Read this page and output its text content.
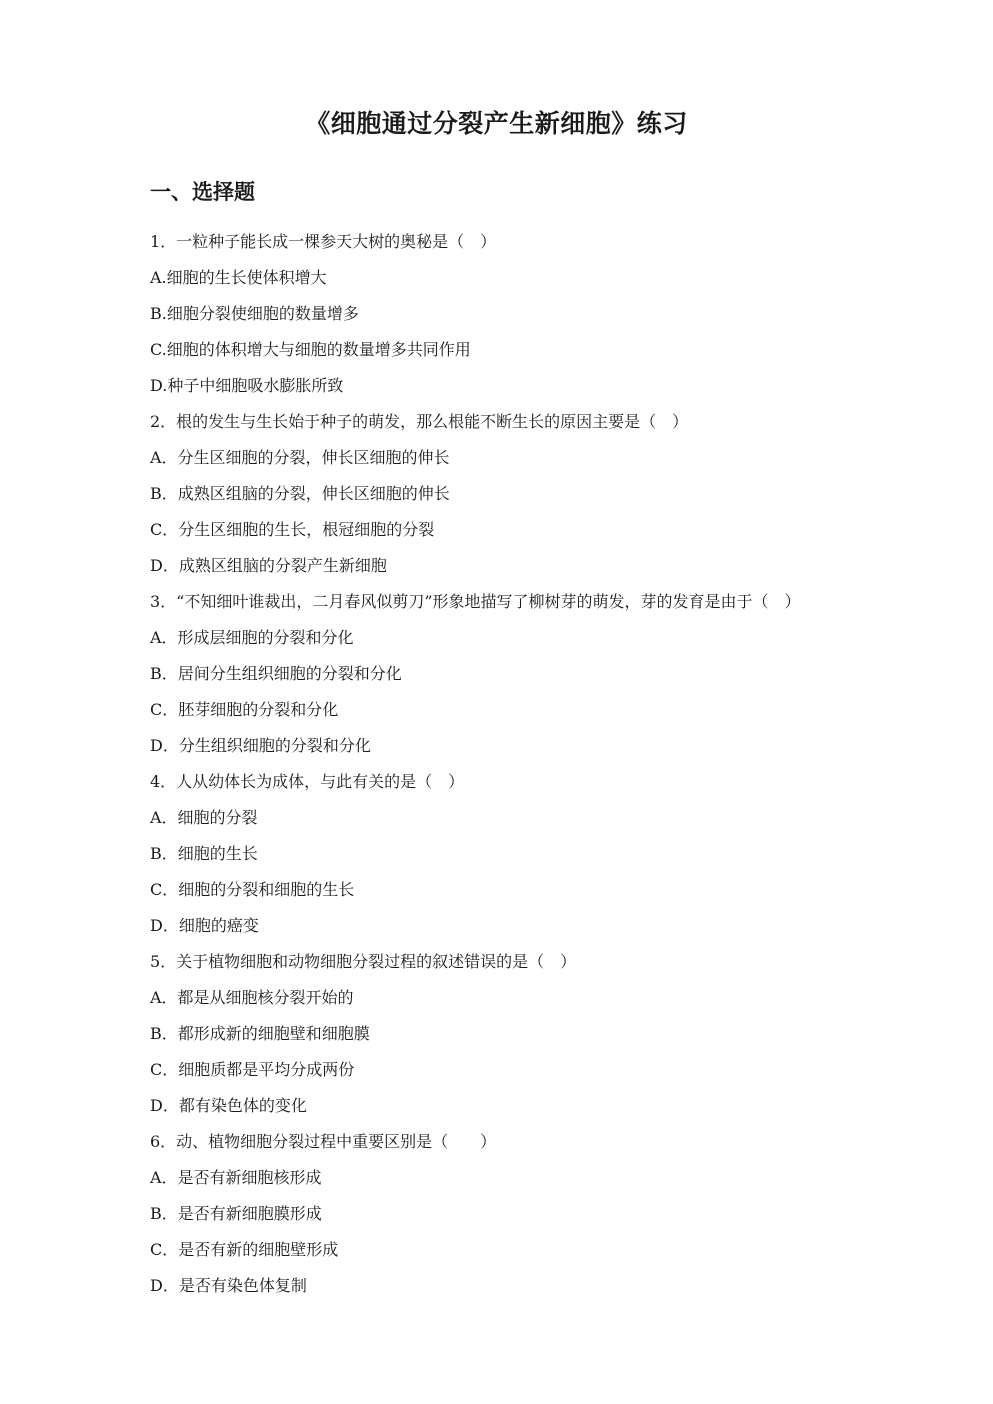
《细胞通过分裂产生新细胞》练习
一、选择题
1．一粒种子能长成一棵参天大树的奥秘是（　）
A.细胞的生长使体积增大
B.细胞分裂使细胞的数量增多
C.细胞的体积增大与细胞的数量增多共同作用
D.种子中细胞吸水膨胀所致
2．根的发生与生长始于种子的萌发，那么根能不断生长的原因主要是（　）
A．分生区细胞的分裂，伸长区细胞的伸长
B．成熟区组脑的分裂，伸长区细胞的伸长
C．分生区细胞的生长，根冠细胞的分裂
D．成熟区组脑的分裂产生新细胞
3．“不知细叶谁裁出，二月春风似剪刀”形象地描写了柳树芽的萌发，芽的发育是由于（　）
A．形成层细胞的分裂和分化
B．居间分生组织细胞的分裂和分化
C．胚芽细胞的分裂和分化
D．分生组织细胞的分裂和分化
4．人从幼体长为成体，与此有关的是（　）
A．细胞的分裂
B．细胞的生长
C．细胞的分裂和细胞的生长
D．细胞的癌变
5．关于植物细胞和动物细胞分裂过程的叙述错误的是（　）
A．都是从细胞核分裂开始的
B．都形成新的细胞壁和细胞膜
C．细胞质都是平均分成两份
D．都有染色体的变化
6．动、植物细胞分裂过程中重要区别是（　　）
A．是否有新细胞核形成
B．是否有新细胞膜形成
C．是否有新的细胞壁形成
D．是否有染色体复制
